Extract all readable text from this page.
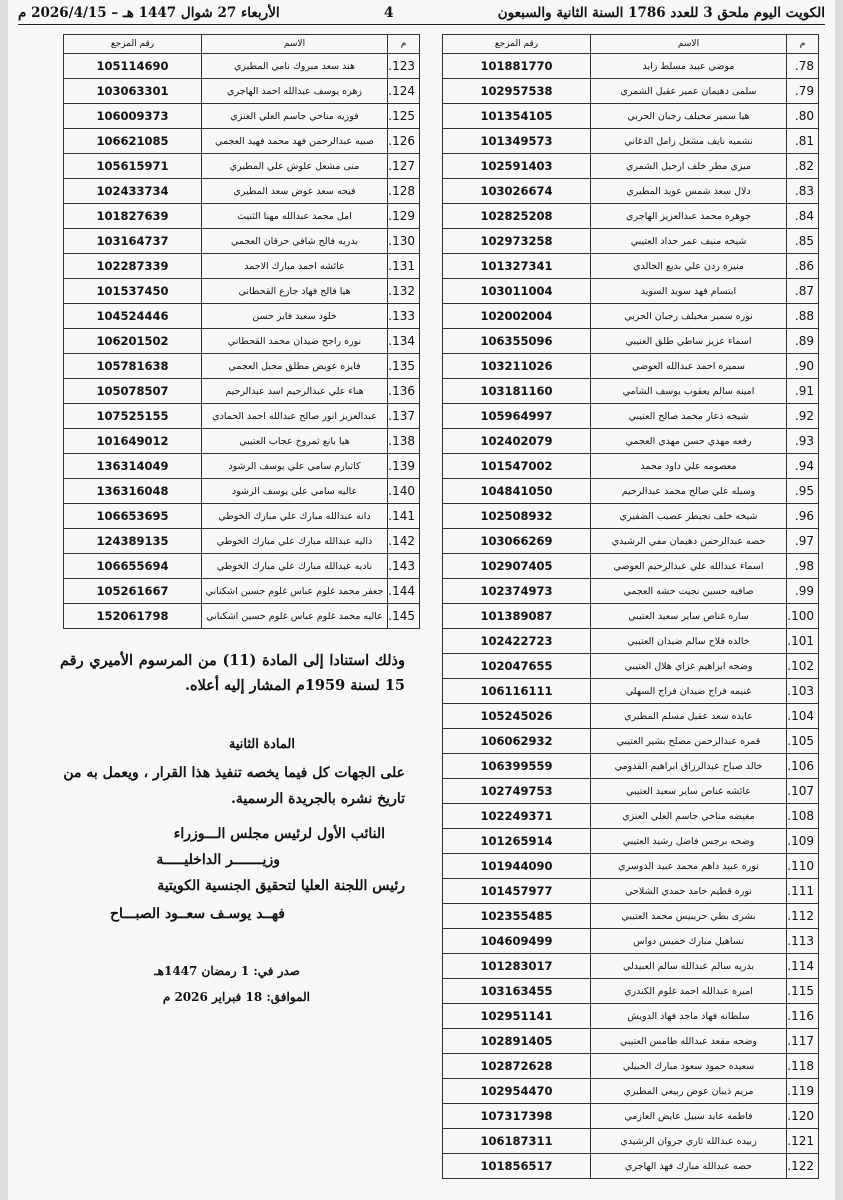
الكويت اليوم ملحق 3 للعدد 1786 السنة الثانية والسبعون
4
الأربعاء 27 شوال 1447 هـ – 2026/4/15 م
م	الاسم	رقم المرجع
78.	موضي عبيد مسلط زايد	101881770
79.	سلمى دهيمان عمير عقيل الشمري	102957538
80.	هيا سمير مخيلف رجبان الحربي	101354105
81.	نشميه نايف مشعل زامل الدغاني	101349573
82.	ميزي مطر خلف ارحيل الشمري	102591403
83.	دلال سعد شمس عويد المطيري	103026674
84.	جوهره محمد عبدالعزيز الهاجري	102825208
85.	شيخه منيف عمر حداد العتيبي	102973258
86.	منيره ردن علي بديع الخالدي	101327341
87.	ابتسام فهد سويد السويد	103011004
88.	نوره سمير مخيلف رجبان الحربي	102002004
89.	اسماء عزيز ساطي طلق العتيبي	106355096
90.	سميره احمد عبدالله العوضي	103211026
91.	امينه سالم يعقوب يوسف الشامي	103181160
92.	شيخه ذعار محمد صالح العتيبي	105964997
93.	رفعه مهدي حسن مهدي العجمي	102402079
94.	معصومه علي داود محمد	101547002
95.	وسيله علي صالح محمد عبدالرحيم	104841050
96.	شيخه خلف نجيطر عضيب الضفيري	102508932
97.	حصه عبدالرحمن دهيمان مفي الرشيدي	103066269
98.	اسماء عبدالله علي عبدالرحيم العوضي	102907405
99.	صافيه حسين نجيت حشه العجمي	102374973
100.	ساره غناص ساير سعيد العتيبي	101389087
101.	خالده فلاح سالم ضيدان العتيبي	102422723
102.	وضحه ابراهيم غزاي هلال العتيبي	102047655
103.	غنيمه فراج ضيدان فراج السهلي	106116111
104.	عايده سعد عقيل مسلم المطيري	105245026
105.	قمره عبدالرحمن مصلح بشير العتيبي	106062932
106.	خالد صباح عبدالرزاق ابراهيم القدومي	106399559
107.	عائشه غناص ساير سعيد العتيبي	102749753
108.	مغيضه مناحي جاسم العلي العنزي	102249371
109.	وضحه برجس فاضل رشيد العتيبي	101265914
110.	نوره عبيد داهم محمد عبيد الدوسري	101944090
111.	نوره قطيم حامد حمدي الشلاحي	101457977
112.	بشرى بطي حريبيس محمد العتيبي	102355485
113.	تساهيل مبارك خميس دواس	104609499
114.	بدريه سالم عبدالله سالم العبيدلي	101283017
115.	اميره عبدالله احمد غلوم الكندري	103163455
116.	سلطانه فهاد ماجد فهاد الدويش	102951141
117.	وضحه مقعد عبدالله طامس العتيبي	102891405
118.	سعيده حمود سعود مبارك الحبيلي	102872628
119.	مريم ذيبان عوض ربيعي المطيري	102954470
120.	فاطمه عايد سبيل عايض العازمي	107317398
121.	زبيده عبدالله ثاري جروان الرشيدي	106187311
122.	حصه عبدالله مبارك فهد الهاجري	101856517
م	الاسم	رقم المرجع
123.	هند سعد مبروك نامي المطيري	105114690
124.	زهره يوسف عبدالله احمد الهاجري	103063301
125.	فوزيه مناحي جاسم العلي العنزي	106009373
126.	صبيه عبدالرحمن فهد محمد فهيد العجمي	106621085
127.	منى مشعل علوش علي المطيري	105615971
128.	فيحه سعد عوض سعد المطيري	102433734
129.	امل محمد عبدالله مهنا الثنيث	101827639
130.	بدريه فالح شافي حرقان العجمي	103164737
131.	عائشه احمد مبارك الاحمد	102287339
132.	هيا فالح فهاد جازع القحطاني	101537450
133.	خلود سعيد فايز حسن	104524446
134.	نوره راجح ضيدان محمد القحطاني	106201502
135.	فايزه عويض مطلق مجبل العجمي	105781638
136.	هناء علي عبدالرحيم اسد عبدالرحيم	105078507
137.	عبدالعزيز انور صالح عبدالله احمد الحمادي	107525155
138.	هيا بانع ثمروخ عجاب العتيبي	101649012
139.	كاثبارم سامي علي يوسف الرشود	136314049
140.	عاليه سامي علي يوسف الرشود	136316048
141.	دانه عبدالله مبارك علي مبارك الخوطي	106653695
142.	داليه عبدالله مبارك علي مبارك الخوطي	124389135
143.	ناديه عبدالله مبارك علي مبارك الخوطي	106655694
144.	جعفر محمد غلوم عباس غلوم حسين اشكناني	105261667
145.	عاليه محمد غلوم عباس غلوم حسين اشكناني	152061798
وذلك استنادا إلى المادة (11) من المرسوم الأميري رقم 15 لسنة 1959م المشار إليه أعلاه.
المادة الثانية
على الجهات كل فيما يخصه تنفيذ هذا القرار ، ويعمل به من تاريخ نشره بالجريدة الرسمية.
النائب الأول لرئيس مجلس الـــوزراء
وزيـــــــر الداخليـــــة
رئيس اللجنة العليا لتحقيق الجنسية الكويتية
فهــد يوسـف سعــود الصبـــاح
صدر في: 1 رمضان 1447هـ
الموافق: 18 فبراير 2026 م
